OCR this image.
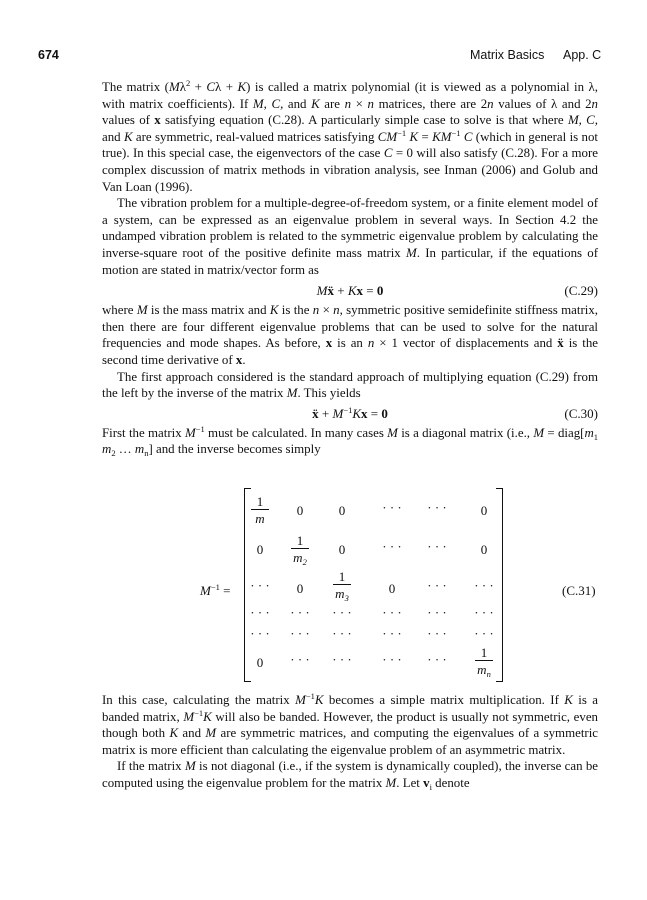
674	Matrix Basics App. C

The matrix $(M\lambda^2 + C\lambda + K)$ is called a matrix polynomial (it is viewed as a polynomial in λ, with matrix coefficients). If M, C, and K are n × n matrices, there are 2n values of λ and 2n values of x satisfying equation (C.28). A particularly simple case to solve is that where M, C, and K are symmetric, real-valued matrices satisfying $CM^{-1}$ $K = KM^{-1}$ C (which in general is not true). In this special case, the eigenvectors of the case C = 0 will also satisfy (C.28). For a more complex discussion of matrix methods in vibration analysis, see Inman (2006) and Golub and Van Loan (1996).

The vibration problem for a multiple-degree-of-freedom system, or a finite element model of a system, can be expressed as an eigenvalue problem in several ways. In Section 4.2 the undamped vibration problem is related to the symmetric eigenvalue problem by calculating the inverse-square root of the positive definite mass matrix M. In particular, if the equations of motion are stated in matrix/vector form as

Mẍ + Kx = 0	(C.29)

where M is the mass matrix and K is the n × n, symmetric positive semidefinite stiffness matrix, then there are four different eigenvalue problems that can be used to solve for the natural frequencies and mode shapes. As before, x is an n × 1 vector of displacements and ẍ is the second time derivative of x.

The first approach considered is the standard approach of multiplying equation (C.29) from the left by the inverse of the matrix M. This yields

ẍ + $M^{-1}Kx = 0$	(C.30)

First the matrix $M^{-1}$ must be calculated. In many cases M is a diagonal matrix (i.e., $M = diag[m_1$ $m_2$ … $m_n$] and the inverse becomes simply

$M^{-1}$ =	(C.31)
$\frac{1}{m}$	0	0	· · ·	· · ·	0
0	$\frac{1}{m_2}$	0	· · ·	· · ·	0
· · ·	0	$\frac{1}{m_3}$	0	· · ·	· · ·
· · ·	· · ·	· · ·	· · ·	· · ·	· · ·
· · ·	· · ·	· · ·	· · ·	· · ·	· · ·
0	· · ·	· · ·	· · ·	· · ·	$\frac{1}{m_n}$

In this case, calculating the matrix $M^{-1}K$ becomes a simple matrix multiplication. If K is a banded matrix, $M^{-1}K$ will also be banded. However, the product is usually not symmetric, even though both K and M are symmetric matrices, and computing the eigenvalues of a symmetric matrix is more efficient than calculating the eigenvalue problem of an asymmetric matrix.

If the matrix M is not diagonal (i.e., if the system is dynamically coupled), the inverse can be computed using the eigenvalue problem for the matrix M. Let $v_i$ denote
